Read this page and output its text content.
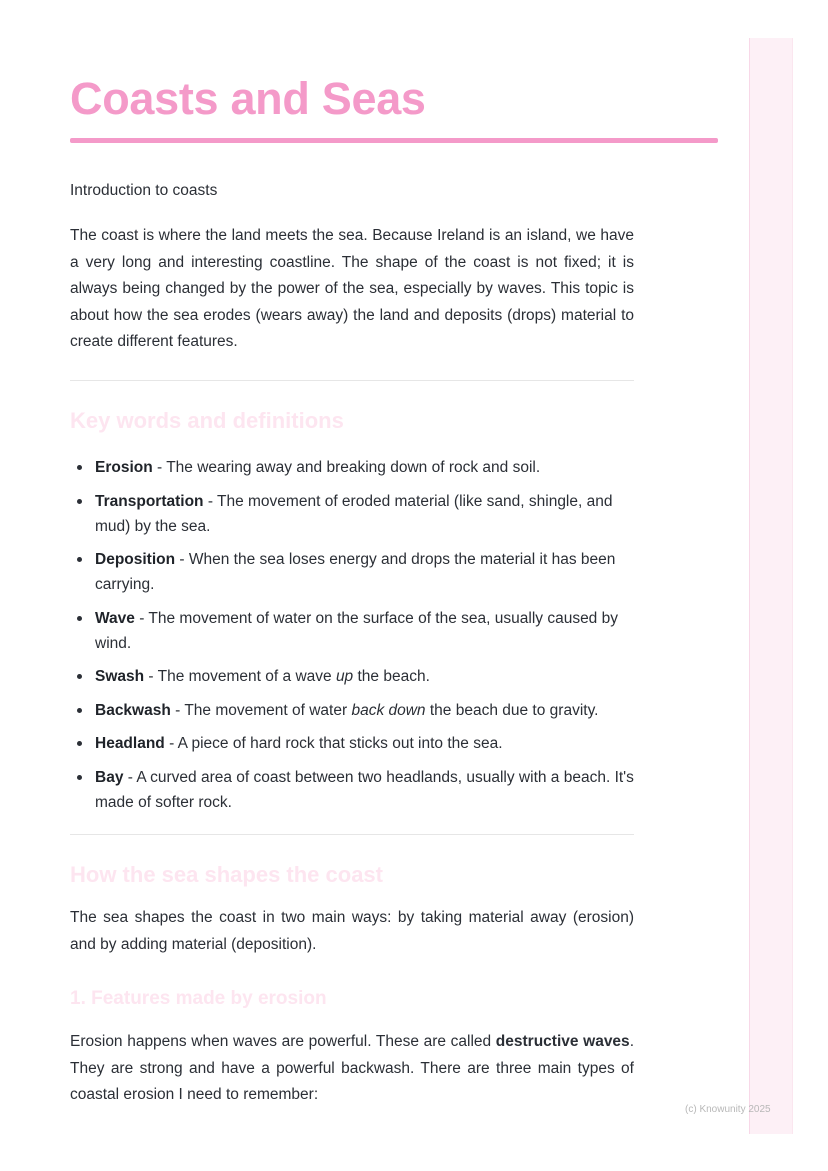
Coasts and Seas
Introduction to coasts

The coast is where the land meets the sea. Because Ireland is an island, we have a very long and interesting coastline. The shape of the coast is not fixed; it is always being changed by the power of the sea, especially by waves. This topic is about how the sea erodes (wears away) the land and deposits (drops) material to create different features.

Key words and definitions
Erosion - The wearing away and breaking down of rock and soil.
Transportation - The movement of eroded material (like sand, shingle, and mud) by the sea.
Deposition - When the sea loses energy and drops the material it has been carrying.
Wave - The movement of water on the surface of the sea, usually caused by wind.
Swash - The movement of a wave up the beach.
Backwash - The movement of water back down the beach due to gravity.
Headland - A piece of hard rock that sticks out into the sea.
Bay - A curved area of coast between two headlands, usually with a beach. It's made of softer rock.
How the sea shapes the coast

The sea shapes the coast in two main ways: by taking material away (erosion) and by adding material (deposition).

1. Features made by erosion

Erosion happens when waves are powerful. These are called destructive waves. They are strong and have a powerful backwash. There are three main types of coastal erosion I need to remember:

(c) Knowunity 2025
